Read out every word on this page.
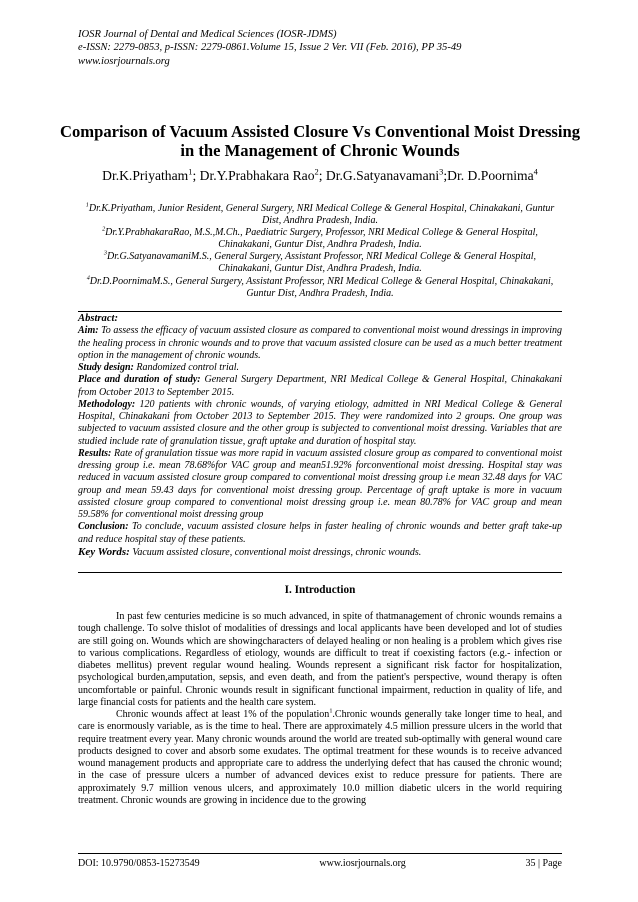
IOSR Journal of Dental and Medical Sciences (IOSR-JDMS)
e-ISSN: 2279-0853, p-ISSN: 2279-0861.Volume 15, Issue 2 Ver. VII (Feb. 2016), PP 35-49
www.iosrjournals.org
Comparison of Vacuum Assisted Closure Vs Conventional Moist Dressing in the Management of Chronic Wounds
Dr.K.Priyatham$^1$; Dr.Y.Prabhakara Rao$^2$; Dr.G.Satyanavamani$^3$;Dr. D.Poornima$^4$
$^1$Dr.K.Priyatham, Junior Resident, General Surgery, NRI Medical College & General Hospital, Chinakakani, Guntur Dist, Andhra Pradesh, India.
$^2$Dr.Y.PrabhakaraRao, M.S.,M.Ch., Paediatric Surgery, Professor, NRI Medical College & General Hospital, Chinakakani, Guntur Dist, Andhra Pradesh, India.
$^3$Dr.G.SatyanavamaniM.S., General Surgery, Assistant Professor, NRI Medical College & General Hospital, Chinakakani, Guntur Dist, Andhra Pradesh, India.
$^4$Dr.D.PoornimaM.S., General Surgery, Assistant Professor, NRI Medical College & General Hospital, Chinakakani, Guntur Dist, Andhra Pradesh, India.
Abstract:

Aim: To assess the efficacy of vacuum assisted closure as compared to conventional moist wound dressings in improving the healing process in chronic wounds and to prove that vacuum assisted closure can be used as a much better treatment option in the management of chronic wounds.

Study design: Randomized control trial.

Place and duration of study: General Surgery Department, NRI Medical College & General Hospital, Chinakakani from October 2013 to September 2015.

Methodology: 120 patients with chronic wounds, of varying etiology, admitted in NRI Medical College & General Hospital, Chinakakani from October 2013 to September 2015. They were randomized into 2 groups. One group was subjected to vacuum assisted closure and the other group is subjected to conventional moist dressing. Variables that are studied include rate of granulation tissue, graft uptake and duration of hospital stay.

Results: Rate of granulation tissue was more rapid in vacuum assisted closure group as compared to conventional moist dressing group i.e. mean 78.68%for VAC group and mean51.92% forconventional moist dressing. Hospital stay was reduced in vacuum assisted closure group compared to conventional moist dressing group i.e mean 32.48 days for VAC group and mean 59.43 days for conventional moist dressing group. Percentage of graft uptake is more in vacuum assisted closure group compared to conventional moist dressing group i.e. mean 80.78% for VAC group and mean 59.58% for conventional moist dressing group

Conclusion: To conclude, vacuum assisted closure helps in faster healing of chronic wounds and better graft take-up and reduce hospital stay of these patients.

Key Words: Vacuum assisted closure, conventional moist dressings, chronic wounds.

I. Introduction

In past few centuries medicine is so much advanced, in spite of thatmanagement of chronic wounds remains a tough challenge. To solve thislot of modalities of dressings and local applicants have been developed and lot of studies are still going on. Wounds which are showingcharacters of delayed healing or non healing is a problem which gives rise to various complications. Regardless of etiology, wounds are difficult to treat if coexisting factors (e.g.- infection or diabetes mellitus) prevent regular wound healing. Wounds represent a significant risk factor for hospitalization, psychological burden,amputation, sepsis, and even death, and from the patient's perspective, wound therapy is often uncomfortable or painful. Chronic wounds result in significant functional impairment, reduction in quality of life, and large financial costs for patients and the health care system.

Chronic wounds affect at least 1% of the population$^1$.Chronic wounds generally take longer time to heal, and care is enormously variable, as is the time to heal. There are approximately 4.5 million pressure ulcers in the world that require treatment every year. Many chronic wounds around the world are treated sub-optimally with general wound care products designed to cover and absorb some exudates. The optimal treatment for these wounds is to receive advanced wound management products and appropriate care to address the underlying defect that has caused the chronic wound; in the case of pressure ulcers a number of advanced devices exist to reduce pressure for patients. There are approximately 9.7 million venous ulcers, and approximately 10.0 million diabetic ulcers in the world requiring treatment. Chronic wounds are growing in incidence due to the growing

DOI: 10.9790/0853-15273549	www.iosrjournals.org	35 | Page
